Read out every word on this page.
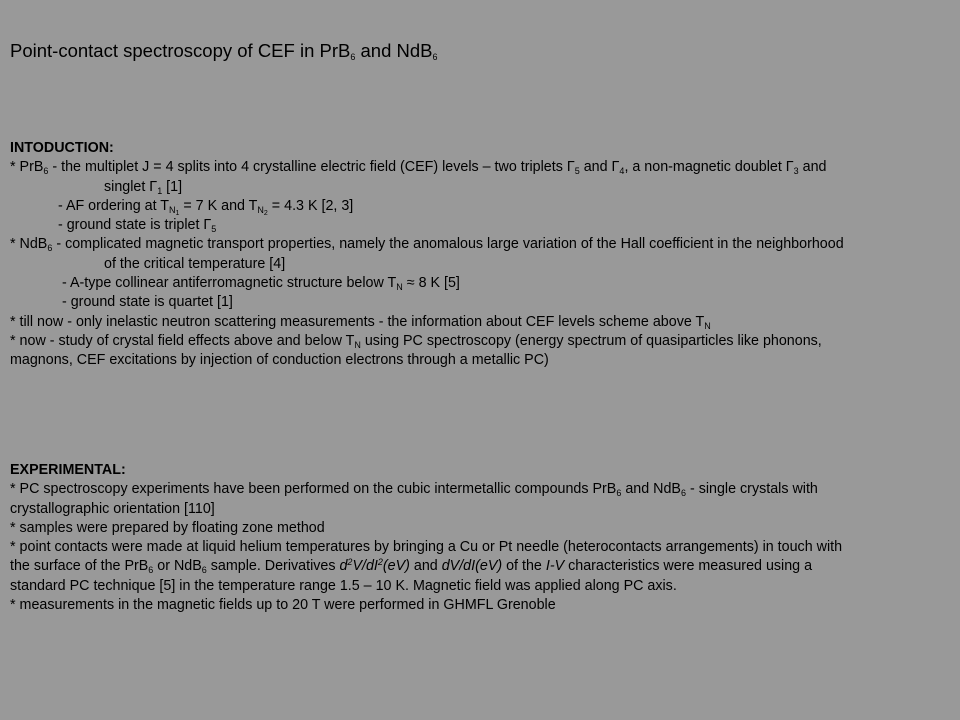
Point-contact spectroscopy of CEF in PrB$_6$ and NdB$_6$
INTODUCTION:
* PrB$_6$ - the multiplet J = 4 splits into 4 crystalline electric field (CEF) levels – two triplets $\Gamma_5$ and $\Gamma_4$, a non-magnetic doublet $\Gamma_3$ and
singlet $\Gamma_1$ [1]
- AF ordering at $T_{N_1} = 7$ K and $T_{N_2} = 4.3$ K [2, 3]
- ground state is triplet $\Gamma_5$
* NdB$_6$ - complicated magnetic transport properties, namely the anomalous large variation of the Hall coefficient in the neighborhood
of the critical temperature [4]
- A-type collinear antiferromagnetic structure below $T_N \approx 8$ K [5]
- ground state is quartet [1]
* till now - only inelastic neutron scattering measurements - the information about CEF levels scheme above $T_N$
* now - study of crystal field effects above and below $T_N$ using PC spectroscopy (energy spectrum of quasiparticles like phonons,
magnons, CEF excitations by injection of conduction electrons through a metallic PC)
EXPERIMENTAL:
* PC spectroscopy experiments have been performed on the cubic intermetallic compounds PrB$_6$ and NdB$_6$ - single crystals with
crystallographic orientation [110]
* samples were prepared by floating zone method
* point contacts were made at liquid helium temperatures by bringing a Cu or Pt needle (heterocontacts arrangements) in touch with
the surface of the PrB$_6$ or NdB$_6$ sample. Derivatives $d^2V/dI^2(eV)$ and dV/dI(eV) of the I-V characteristics were measured using a
standard PC technique [5] in the temperature range 1.5 – 10 K. Magnetic field was applied along PC axis.
* measurements in the magnetic fields up to 20 T were performed in GHMFL Grenoble
